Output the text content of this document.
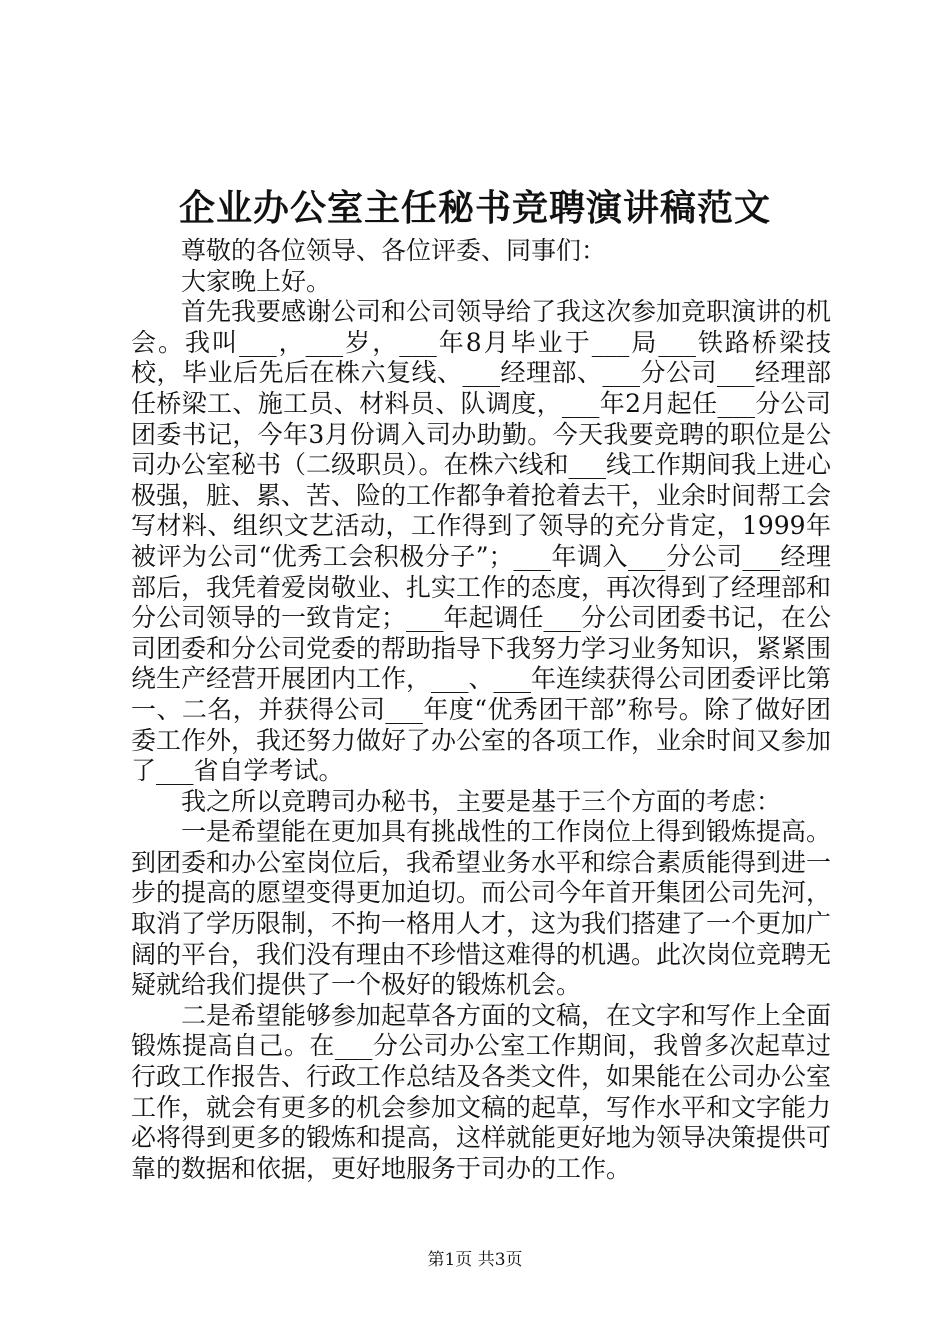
企业办公室主任秘书竞聘演讲稿范文

尊敬的各位领导、各位评委、同事们：

大家晚上好。

首先我要感谢公司和公司领导给了我这次参加竞职演讲的机会。我叫___，___岁，___年8月毕业于___局___铁路桥梁技校，毕业后先后在株六复线、___经理部、___分公司___经理部任桥梁工、施工员、材料员、队调度，___年2月起任___分公司团委书记，今年3月份调入司办助勤。今天我要竞聘的职位是公司办公室秘书（二级职员）。在株六线和___线工作期间我上进心极强，脏、累、苦、险的工作都争着抢着去干，业余时间帮工会写材料、组织文艺活动，工作得到了领导的充分肯定，1999年被评为公司“优秀工会积极分子”；___年调入___分公司___经理部后，我凭着爱岗敬业、扎实工作的态度，再次得到了经理部和分公司领导的一致肯定；___年起调任___分公司团委书记，在公司团委和分公司党委的帮助指导下我努力学习业务知识，紧紧围绕生产经营开展团内工作，___、___年连续获得公司团委评比第一、二名，并获得公司___年度“优秀团干部”称号。除了做好团委工作外，我还努力做好了办公室的各项工作，业余时间又参加了___省自学考试。

我之所以竞聘司办秘书，主要是基于三个方面的考虑：

一是希望能在更加具有挑战性的工作岗位上得到锻炼提高。到团委和办公室岗位后，我希望业务水平和综合素质能得到进一步的提高的愿望变得更加迫切。而公司今年首开集团公司先河，取消了学历限制，不拘一格用人才，这为我们搭建了一个更加广阔的平台，我们没有理由不珍惜这难得的机遇。此次岗位竞聘无疑就给我们提供了一个极好的锻炼机会。

二是希望能够参加起草各方面的文稿，在文字和写作上全面锻炼提高自己。在___分公司办公室工作期间，我曾多次起草过行政工作报告、行政工作总结及各类文件，如果能在公司办公室工作，就会有更多的机会参加文稿的起草，写作水平和文字能力必将得到更多的锻炼和提高，这样就能更好地为领导决策提供可靠的数据和依据，更好地服务于司办的工作。

第1页 共3页
